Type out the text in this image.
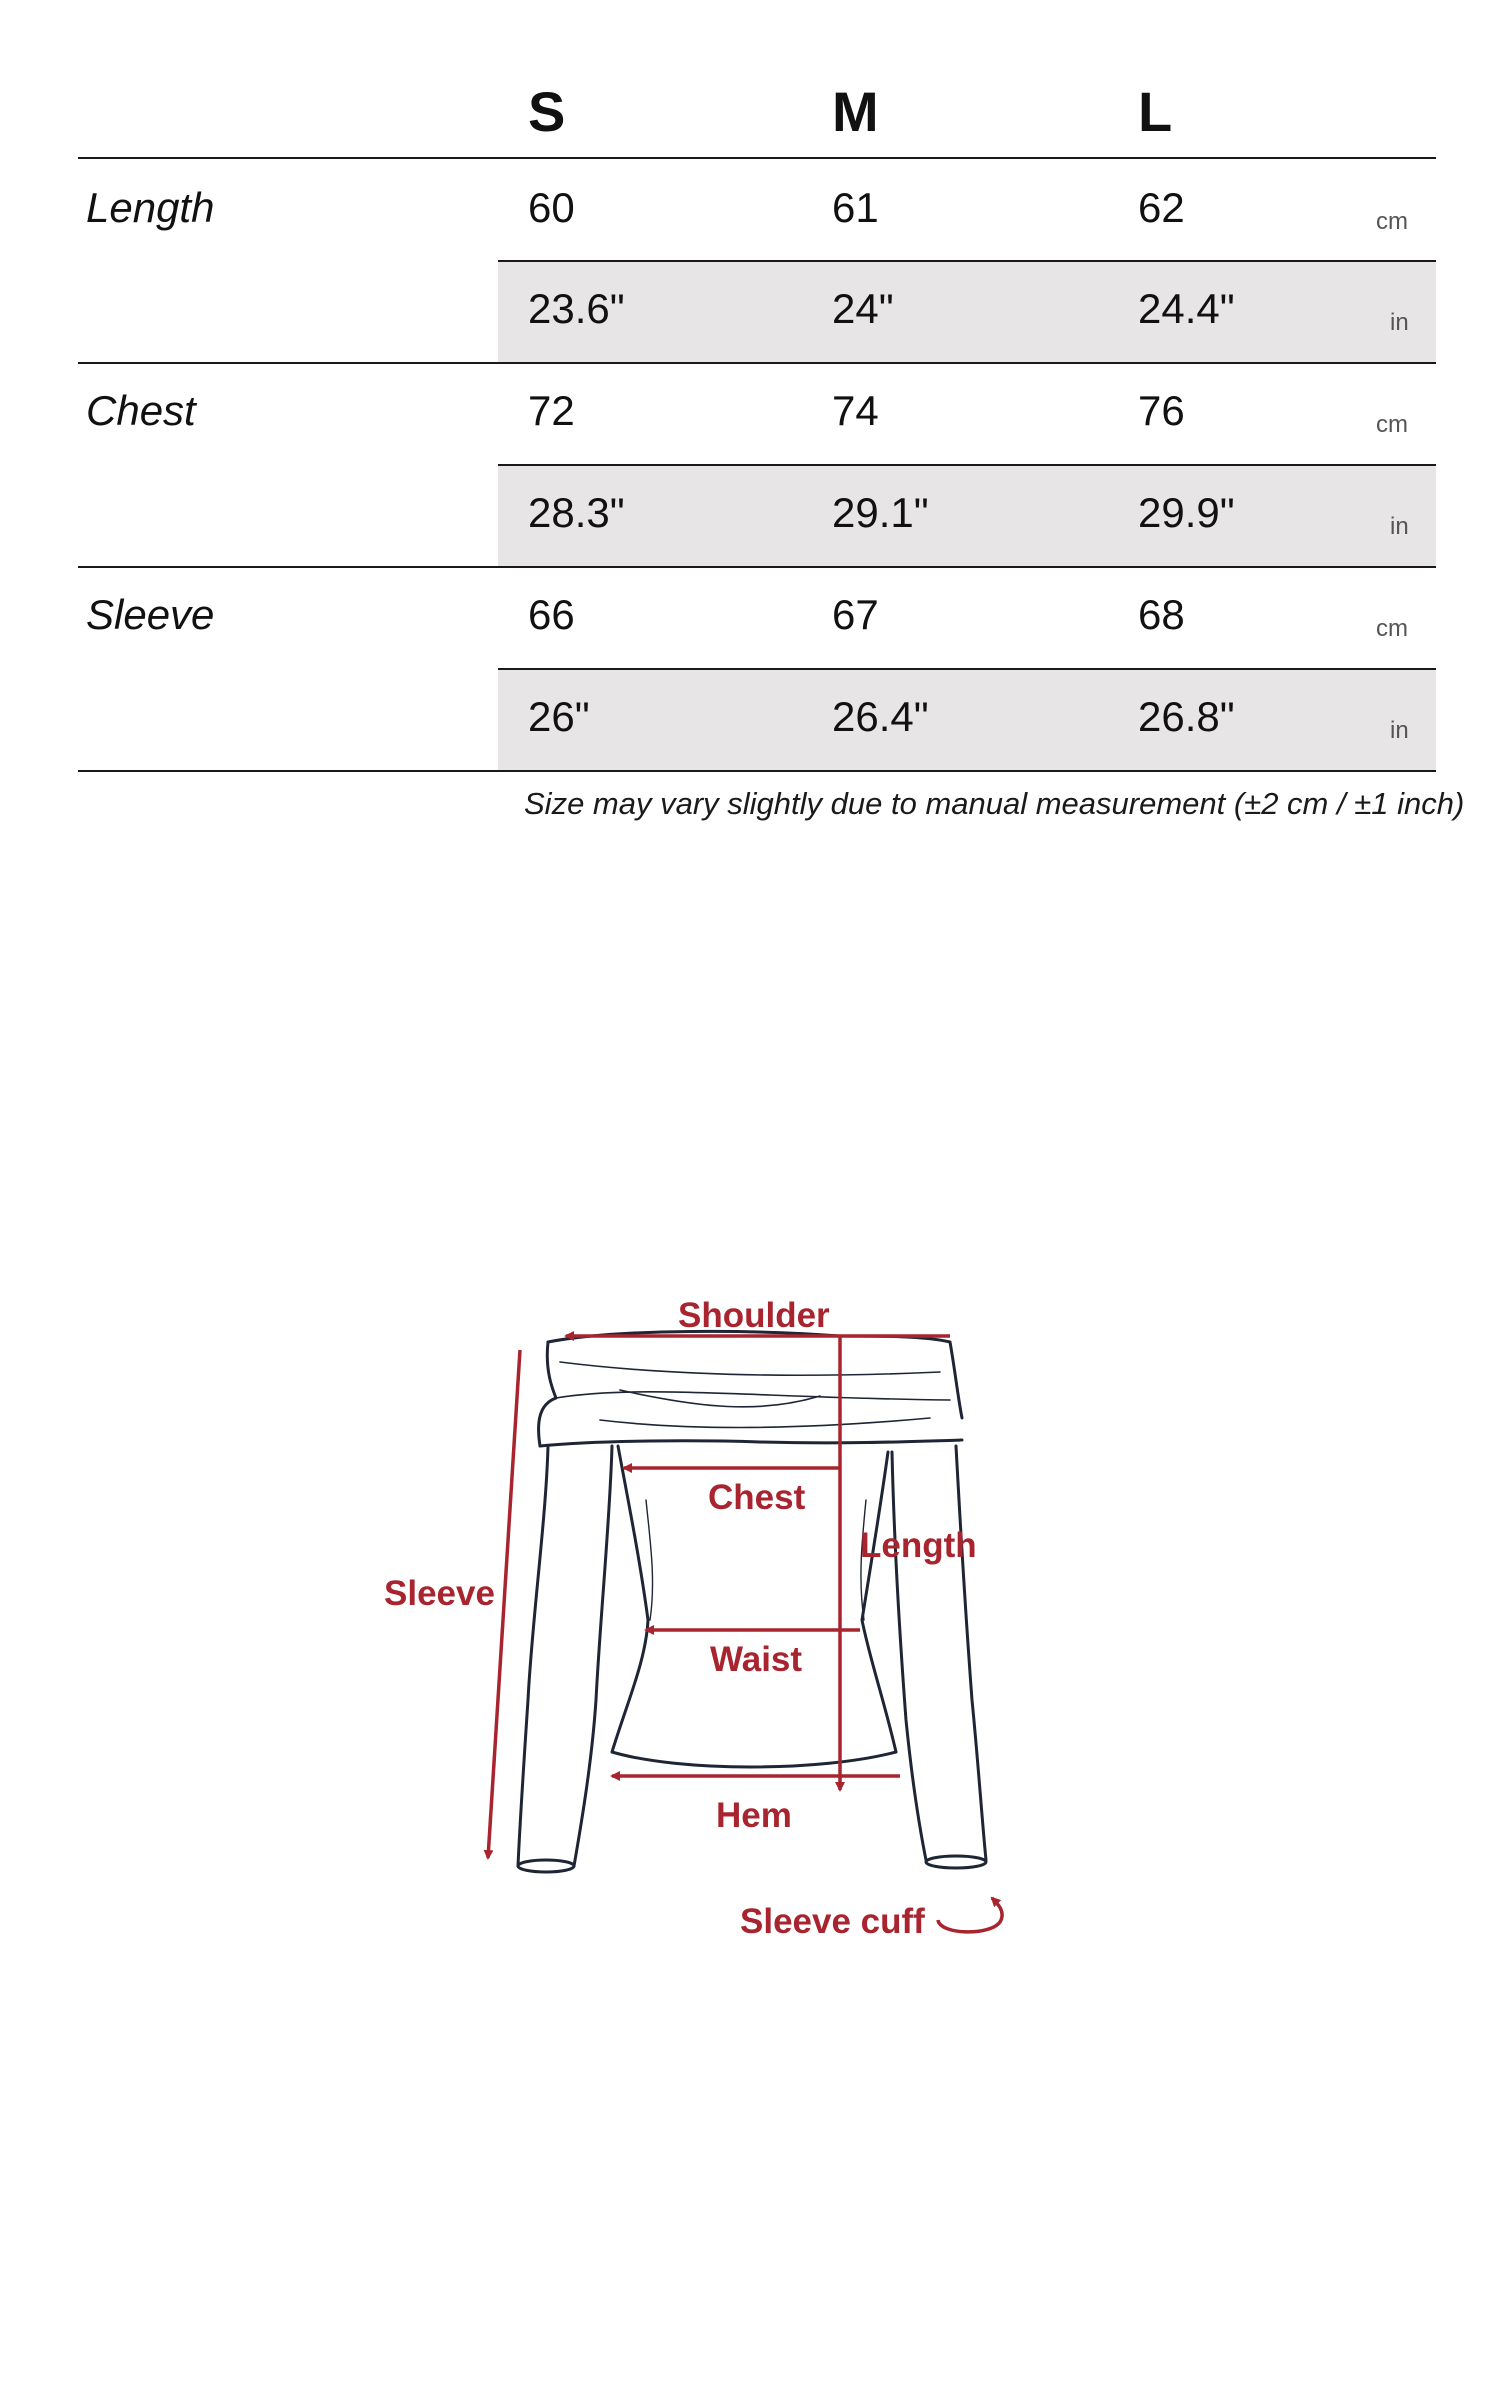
S	M	L
Length	60	61	62	cm
23.6"	24"	24.4"	in
Chest	72	74	76	cm
28.3"	29.1"	29.9"	in
Sleeve	66	67	68	cm
26"	26.4"	26.8"	in
Size may vary slightly due to manual measurement (±2 cm / ±1 inch)
Shoulder
Chest
Length
Sleeve
Waist
Hem
Sleeve cuff
